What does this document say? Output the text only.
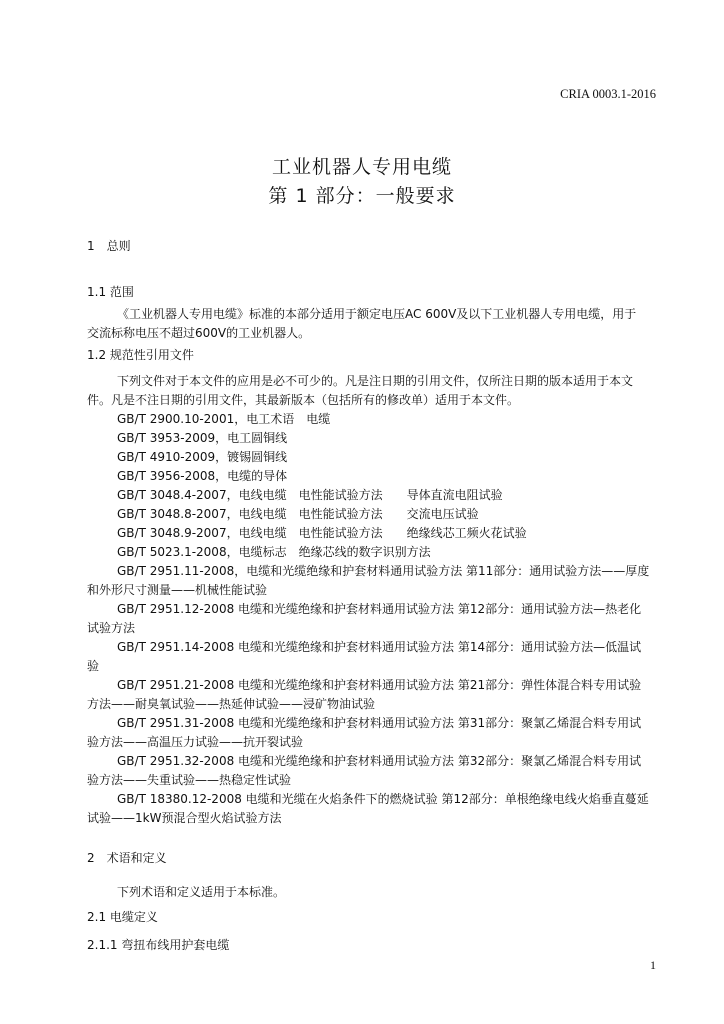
CRIA 0003.1-2016
工业机器人专用电缆
第 1 部分：一般要求
1　总则
1.1 范围
《工业机器人专用电缆》标准的本部分适用于额定电压AC 600V及以下工业机器人专用电缆，用于
交流标称电压不超过600V的工业机器人。
1.2 规范性引用文件
下列文件对于本文件的应用是必不可少的。凡是注日期的引用文件，仅所注日期的版本适用于本文
件。凡是不注日期的引用文件，其最新版本（包括所有的修改单）适用于本文件。
GB/T 2900.10-2001，电工术语　电缆
GB/T 3953-2009，电工圆铜线
GB/T 4910-2009，镀锡圆铜线
GB/T 3956-2008，电缆的导体
GB/T 3048.4-2007，电线电缆　电性能试验方法　　导体直流电阻试验
GB/T 3048.8-2007，电线电缆　电性能试验方法　　交流电压试验
GB/T 3048.9-2007，电线电缆　电性能试验方法　　绝缘线芯工频火花试验
GB/T 5023.1-2008，电缆标志　绝缘芯线的数字识别方法
GB/T 2951.11-2008，电缆和光缆绝缘和护套材料通用试验方法 第11部分：通用试验方法——厚度
和外形尺寸测量——机械性能试验
GB/T 2951.12-2008 电缆和光缆绝缘和护套材料通用试验方法 第12部分：通用试验方法—热老化
试验方法
GB/T 2951.14-2008 电缆和光缆绝缘和护套材料通用试验方法 第14部分：通用试验方法—低温试
验
GB/T 2951.21-2008 电缆和光缆绝缘和护套材料通用试验方法 第21部分：弹性体混合料专用试验
方法——耐臭氧试验——热延伸试验——浸矿物油试验
GB/T 2951.31-2008 电缆和光缆绝缘和护套材料通用试验方法 第31部分：聚氯乙烯混合料专用试
验方法——高温压力试验——抗开裂试验
GB/T 2951.32-2008 电缆和光缆绝缘和护套材料通用试验方法 第32部分：聚氯乙烯混合料专用试
验方法——失重试验——热稳定性试验
GB/T 18380.12-2008 电缆和光缆在火焰条件下的燃烧试验 第12部分：单根绝缘电线火焰垂直蔓延
试验——1kW预混合型火焰试验方法
2　术语和定义
下列术语和定义适用于本标准。
2.1 电缆定义
2.1.1 弯扭布线用护套电缆
1
